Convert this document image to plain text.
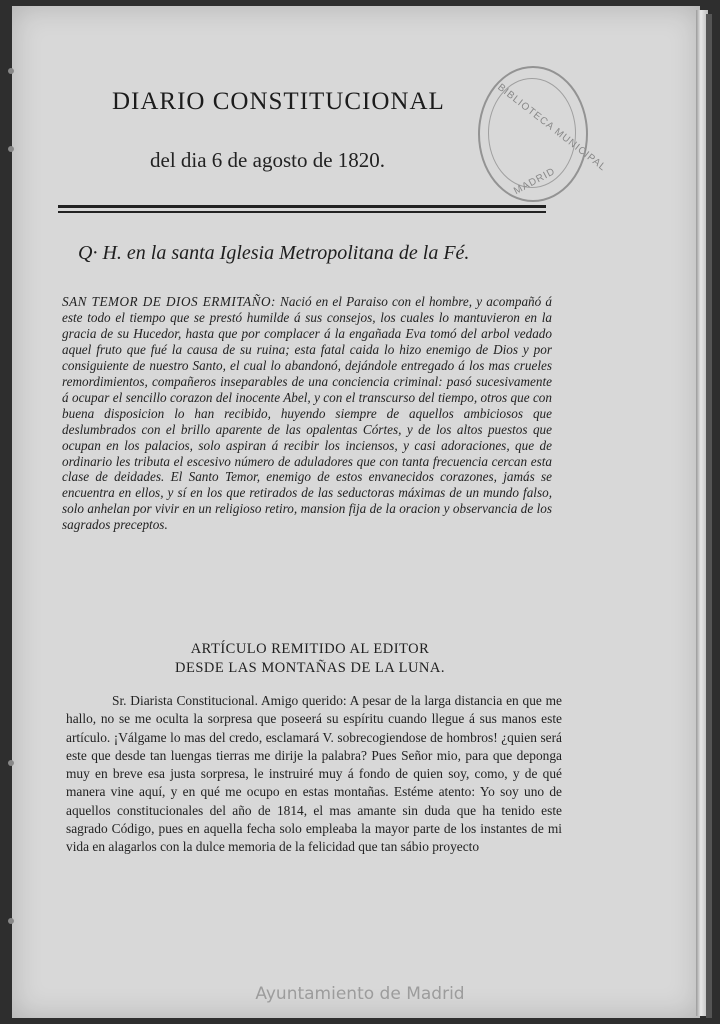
DIARIO CONSTITUCIONAL
del dia 6 de agosto de 1820.	BIBLIOTECA MUNICIPAL
MADRID
Q· H. en la santa Iglesia Metropolitana de la Fé.
SAN TEMOR DE DIOS ERMITAÑO: Nació en el Paraiso con el hombre, y acompañó á este todo el tiempo que se prestó humilde á sus consejos, los cuales lo mantuvieron en la gracia de su Hucedor, hasta que por complacer á la engañada Eva tomó del arbol vedado aquel fruto que fué la causa de su ruina; esta fatal caida lo hizo enemigo de Dios y por consiguiente de nuestro Santo, el cual lo abandonó, dejándole entregado á los mas crueles remordimientos, compañeros inseparables de una conciencia criminal: pasó sucesivamente á ocupar el sencillo corazon del inocente Abel, y con el transcurso del tiempo, otros que con buena disposicion lo han recibido, huyendo siempre de aquellos ambiciosos que deslumbrados con el brillo aparente de las opalentas Córtes, y de los altos puestos que ocupan en los palacios, solo aspiran á recibir los inciensos, y casi adoraciones, que de ordinario les tributa el escesivo número de aduladores que con tanta frecuencia cercan esta clase de deidades. El Santo Temor, enemigo de estos envanecidos corazones, jamás se encuentra en ellos, y sí en los que retirados de las seductoras máximas de un mundo falso, solo anhelan por vivir en un religioso retiro, mansion fija de la oracion y observancia de los sagrados preceptos.
ARTÍCULO REMITIDO AL EDITOR
DESDE LAS MONTAÑAS DE LA LUNA.
Sr. Diarista Constitucional. Amigo querido: A pesar de la larga distancia en que me hallo, no se me oculta la sorpresa que poseerá su espíritu cuando llegue á sus manos este artículo. ¡Válgame lo mas del credo, esclamará V. sobrecogiendose de hombros! ¿quien será este que desde tan luengas tierras me dirije la palabra? Pues Señor mio, para que deponga muy en breve esa justa sorpresa, le instruiré muy á fondo de quien soy, como, y de qué manera vine aquí, y en qué me ocupo en estas montañas. Estéme atento: Yo soy uno de aquellos constitucionales del año de 1814, el mas amante sin duda que ha tenido este sagrado Código, pues en aquella fecha solo empleaba la mayor parte de los instantes de mi vida en alagarlos con la dulce memoria de la felicidad que tan sábio proyecto
Ayuntamiento de Madrid
